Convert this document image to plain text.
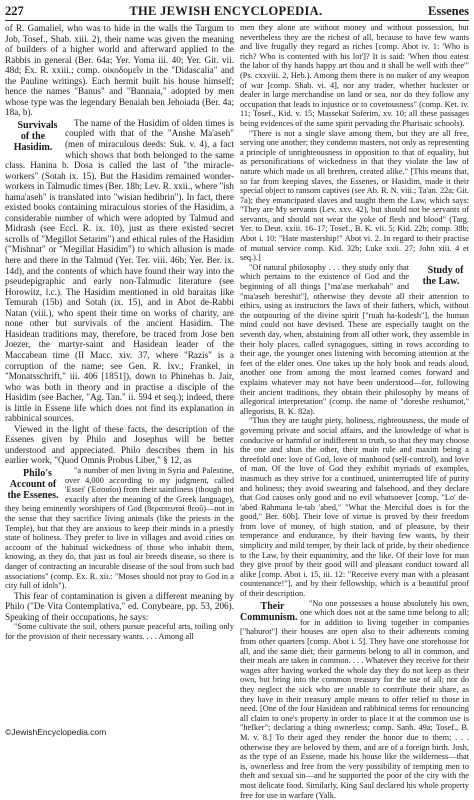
227	THE JEWISH ENCYCLOPEDIA.	Essenes

of R. Gamaliel, who was to hide in the walls the Targum to Job, Tosef., Shab. xiii. 2), their name was given the meaning of builders of a higher world and afterward applied to the Rabbis in general (Ber. 64a; Yer. Yoma iii. 40; Yer. Git. vii. 48d; Ex. R. xxiii.; comp. οἰκοδομεῖν in the "Didascalia" and the Pauline writings). Each hermit built his house himself; hence the names "Banus" and "Bannaia," adopted by men whose type was the legendary Benaiah ben Jehoiada (Ber. 4a; 18a, b).

Survivals of the Hasidim.
The name of the Hasidim of olden times is coupled with that of the "Anshe Ma'aseh" (men of miraculous deeds: Suk. v. 4), a fact which shows that both belonged to the same class. Hanina b. Dosa is called the last of "the miracle-workers" (Sotah ix. 15). But the Hasidim remained wonder-workers in Talmudic times (Ber. 18b; Lev. R. xxii., where "ish hama'aseh" is translated into "wisian hedibrin"). In fact, there existed books containing miraculous stories of the Hasidim, a considerable number of which were adopted by Talmud and Midrash (see Eccl. R. ix. 10), just as there existed secret scrolls of "Megillot Setarim") and ethical rules of the Hasidim ("Mishnat" or "Megillat Hasidim") to which allusion is made here and there in the Talmud (Yer. Ter. viii. 46b; Yer. Ber. ix. 14d), and the contents of which have found their way into the pseudepigraphic and early non-Talmudic literature (see Horowitz, l.c.). The Hasidim mentioned in old baraitas like Temurah (15b) and Sotah (ix. 15), and in Abot de-Rabbi Natan (viii.), who spent their time on works of charity, are none other but survivals of the ancient Hasidim. The Hasidean traditions may, therefore, be traced from Jose ben Joezer, the martyr-saint and Hasidean leader of the Maccabean time (II Macc. xiv. 37, where "Razis" is a corruption of the name; see Gen. R. lxv.; Frankel, in "Monatsschrift," iii. 406 [1851]), down to Phinehas b. Jair, who was both in theory and in practise a disciple of the Hasidim (see Bacher, "Ag. Tan." ii. 594 et seq.); indeed, there is little in Essene life which does not find its explanation in rabbinical sources.

Viewed in the light of these facts, the description of the Essenes given by Philo and Josephus will be better understood and appreciated. Philo describes them in his earlier work, "Quod Omnis Probus Liber," § 12, as

Philo's Account of the Essenes.
"a number of men living in Syria and Palestine, over 4,000 according to my judgment, called 'Essei' (Ἐσσαῖοι) from their saintliness (though not exactly after the meaning of the Greek language), they being eminently worshipers of God (θεραπευταὶ θεοῦ)—not in the sense that they sacrifice living animals (like the priests in the Temple), but that they are anxious to keep their minds in a priestly state of holiness. They prefer to live in villages and avoid cities on account of the habitual wickedness of those who inhabit them, knowing, as they do, that just as foul air breeds disease, so there is danger of contracting an incurable disease of the soul from such bad associations" (comp. Ex. R. xii.: "Moses should not pray to God in a city full of idols").

This fear of contamination is given a different meaning by Philo ("De Vita Contemplativa," ed. Conybeare, pp. 53, 206). Speaking of their occupations, he says:

"Some cultivate the soil, others pursue peaceful arts, toiling only for the provision of their necessary wants. . . . Among all

men they alone are without money and without possession, but nevertheless they are the richest of all, because to have few wants and live frugally they regard as riches [comp. Abot iv. 1: 'Who is rich? Who is contented with his lot']? It is said: 'When thou eatest the labor of thy hands happy art thou and it shall be well with thee'" (Ps. cxxviii. 2, Heb.). Among them there is no maker of any weapon of war [comp. Shab. vi. 4], nor any trader, whether huckster or dealer in large merchandise on land or sea, nor do they follow any occupation that leads to injustice or to covetousness" (comp. Ket. iv. 11; Tosef., Kid. v. 15; Massekat Soferim, xv. 10; all these passages being evidences of the same spirit pervading the Pharisaic schools).

"There is not a single slave among them, but they are all free, serving one another; they condemn masters, not only as representing a principle of unrighteousness in opposition to that of equality, but as personifications of wickedness in that they violate the law of nature which made us all brethren, created alike." [This means that, so far from keeping slaves, the Essenes, or Hasidim, made it their special object to ransom captives (see Ab. R. N. viii.; Ta'an. 22a; Git. 7a); they emancipated slaves and taught them the Law, which says: "They are My servants (Lev. xxv. 42), but should not be servants of servants, and should not wear the yoke of flesh and blood" (Targ. Yer. to Deut. xxiii. 16–17; Tosef., B. K. vii. 5; Kid. 22b; comp. 38b; Abot i. 10: "Hate mastership!" Abot vi. 2. In regard to their practise of mutual service comp. Kid. 32b; Luke xxii. 27; John xiii. 4 et seq.).]

Study of the Law.
"Of natural philosophy . . . they study only that which pertains to the existence of God and the beginning of all things ["ma'ase merkabah" and "ma'aseh bereshit"], otherwise they devote all their attention to ethics, using as instructors the laws of their fathers, which, without the outpouring of the divine spirit ["ruah ha-kodesh"], the human mind could not have devised. These are especially taught on the seventh day, when, abstaining from all other work, they assemble in their holy places, called synagogues, sitting in rows according to their age, the younger ones listening with becoming attention at the feet of the elder ones. One takes up the holy book and reads aloud, another one from among the most learned comes forward and explains whatever may not have been understood—for, following their ancient traditions, they obtain their philosophy by means of allegorical interpretation" (comp. the name of "doreshe reshumot," allegorists, B. K. 82a).

"Thus they are taught piety, holiness, righteousness, the mode of governing private and social affairs, and the knowledge of what is conducive or harmful or indifferent to truth, so that they may choose the one and shun the other, their main rule and maxim being a threefold one: love of God, love of manhood (self-control), and love of man. Of the love of God they exhibit myriads of examples, inasmuch as they strive for a continued, uninterrupted life of purity and holiness; they avoid swearing and falsehood, and they declare that God causes only good and no evil whatsoever [comp. "Lo' de-'abed Rahmana le-tab 'abed," "What the Merciful does is for the good," Ber. 60b]. Their love of virtue is proved by their freedom from love of money, of high station, and of pleasure, by their temperance and endurance, by their having few wants, by their simplicity and mild temper, by their lack of pride, by their obedience to the Law, by their equanimity, and the like. Of their love for man they give proof by their good will and pleasant conduct toward all alike [comp. Abot i. 15, iii. 12: "Receive every man with a pleasant countenance!"], and by their fellowship, which is a beautiful proof of their description.

Their Communism.
"No one possesses a house absolutely his own, one which does not at the same time belong to all; for in addition to living together in companies ["haburot"] their houses are open also to their adherents coming from other quarters [comp. Abot i. 5]. They have one storehouse for all, and the same diet; their garments belong to all in common, and their meals are taken in common. . . . Whatever they receive for their wages after having worked the whole day they do not keep as their own, but bring into the common treasury for the use of all; nor do they neglect the sick who are unable to contribute their share, as they have in their treasury ample means to offer relief to those in need. [One of the four Hasidean and rabbinical terms for renouncing all claim to one's property in order to place it at the common use is "hefker"; declaring a thing ownerless; comp. Sanh. 49a; Tosef., B. M. v. 8.] To their aged they render the honor due to them; . . . otherwise they are beloved by them, and are of a foreign birth. Josh, as the type of an Essene, made his house like the wilderness—that is, ownerless and free from the very possibility of tempting men to theft and sexual sin—and he supported the poor of the city with the most delicate food. Similarly, King Saul declared his whole property free for use in warfare (Yalk.

©JewishEncyclopedia.com
